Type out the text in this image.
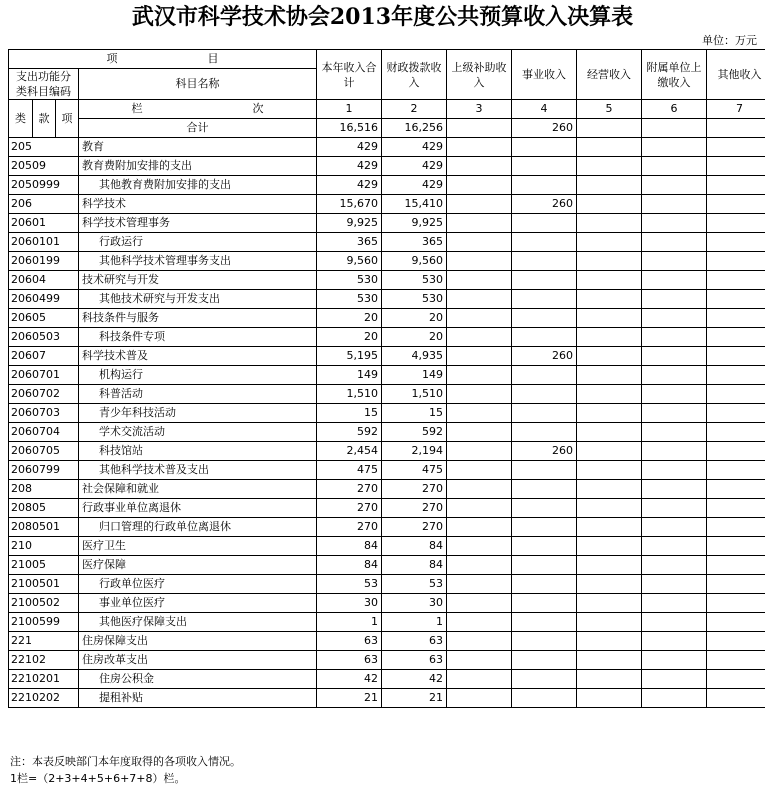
武汉市科学技术协会2013年度公共预算收入决算表
单位：万元
项 目				本年收入合计	财政拨款收入	上级补助收入	事业收入	经营收入	附属单位上缴收入	其他收入
支出功能分类科目编码			科目名称							
类	款	项	栏 次	1	2	3	4	5	6	7
			合计	16,516	16,256		260			
205			教育	429	429					
20509			教育费附加安排的支出	429	429					
2050999			其他教育费附加安排的支出	429	429					
206			科学技术	15,670	15,410		260			
20601			科学技术管理事务	9,925	9,925					
2060101			行政运行	365	365					
2060199			其他科学技术管理事务支出	9,560	9,560					
20604			技术研究与开发	530	530					
2060499			其他技术研究与开发支出	530	530					
20605			科技条件与服务	20	20					
2060503			科技条件专项	20	20					
20607			科学技术普及	5,195	4,935		260			
2060701			机构运行	149	149					
2060702			科普活动	1,510	1,510					
2060703			青少年科技活动	15	15					
2060704			学术交流活动	592	592					
2060705			科技馆站	2,454	2,194		260			
2060799			其他科学技术普及支出	475	475					
208			社会保障和就业	270	270					
20805			行政事业单位离退休	270	270					
2080501			归口管理的行政单位离退休	270	270					
210			医疗卫生	84	84					
21005			医疗保障	84	84					
2100501			行政单位医疗	53	53					
2100502			事业单位医疗	30	30					
2100599			其他医疗保障支出	1	1					
221			住房保障支出	63	63					
22102			住房改革支出	63	63					
2210201			住房公积金	42	42					
2210202			提租补贴	21	21					
注：本表反映部门本年度取得的各项收入情况。
1栏=（2+3+4+5+6+7+8）栏。
